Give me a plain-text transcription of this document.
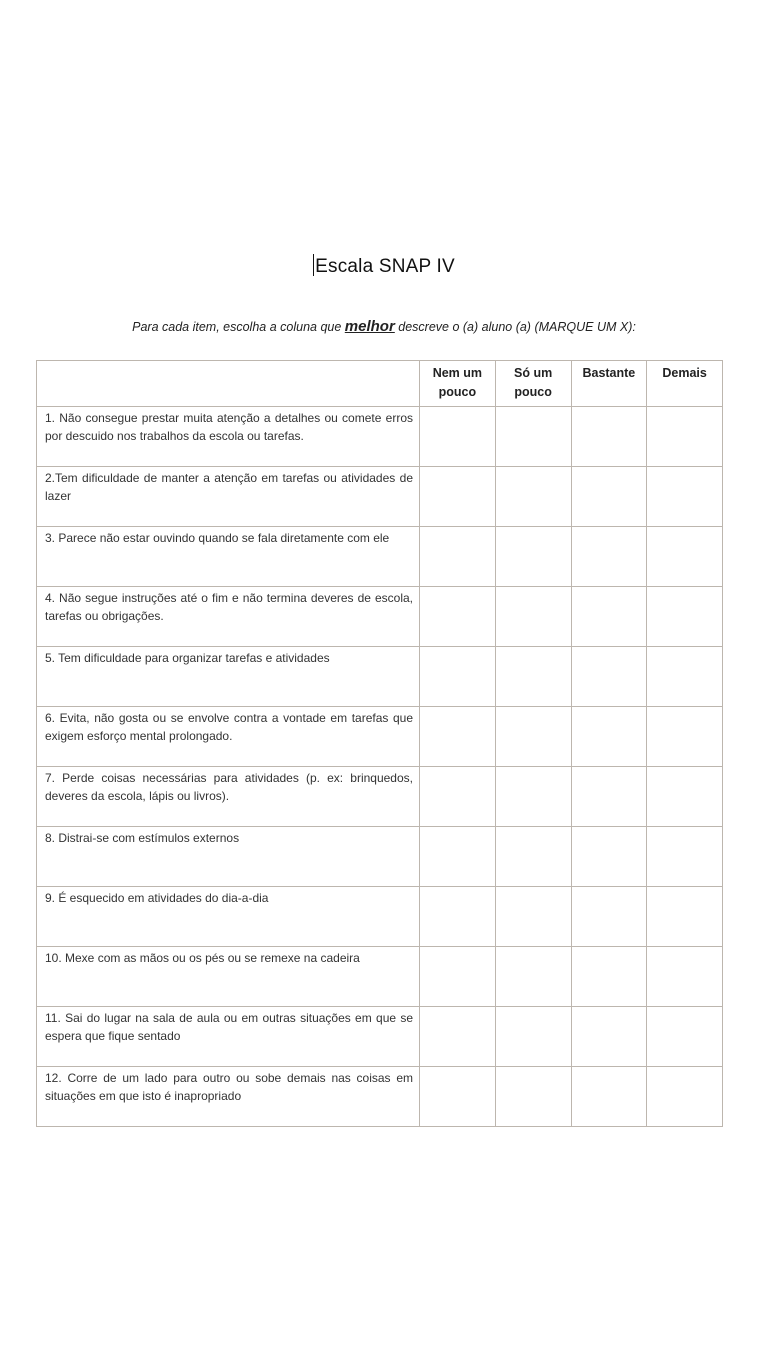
Escala SNAP IV
Para cada item, escolha a coluna que melhor descreve o (a) aluno (a) (MARQUE UM X):
	Nem um pouco	Só um pouco	Bastante	Demais
1. Não consegue prestar muita atenção a detalhes ou comete erros por descuido nos trabalhos da escola ou tarefas.				
2.Tem dificuldade de manter a atenção em tarefas ou atividades de lazer				
3. Parece não estar ouvindo quando se fala diretamente com ele				
4. Não segue instruções até o fim e não termina deveres de escola, tarefas ou obrigações.				
5. Tem dificuldade para organizar tarefas e atividades				
6. Evita, não gosta ou se envolve contra a vontade em tarefas que exigem esforço mental prolongado.				
7. Perde coisas necessárias para atividades (p. ex: brinquedos, deveres da escola, lápis ou livros).				
8. Distrai-se com estímulos externos				
9. É esquecido em atividades do dia-a-dia				
10. Mexe com as mãos ou os pés ou se remexe na cadeira				
11. Sai do lugar na sala de aula ou em outras situações em que se espera que fique sentado				
12. Corre de um lado para outro ou sobe demais nas coisas em situações em que isto é inapropriado				
